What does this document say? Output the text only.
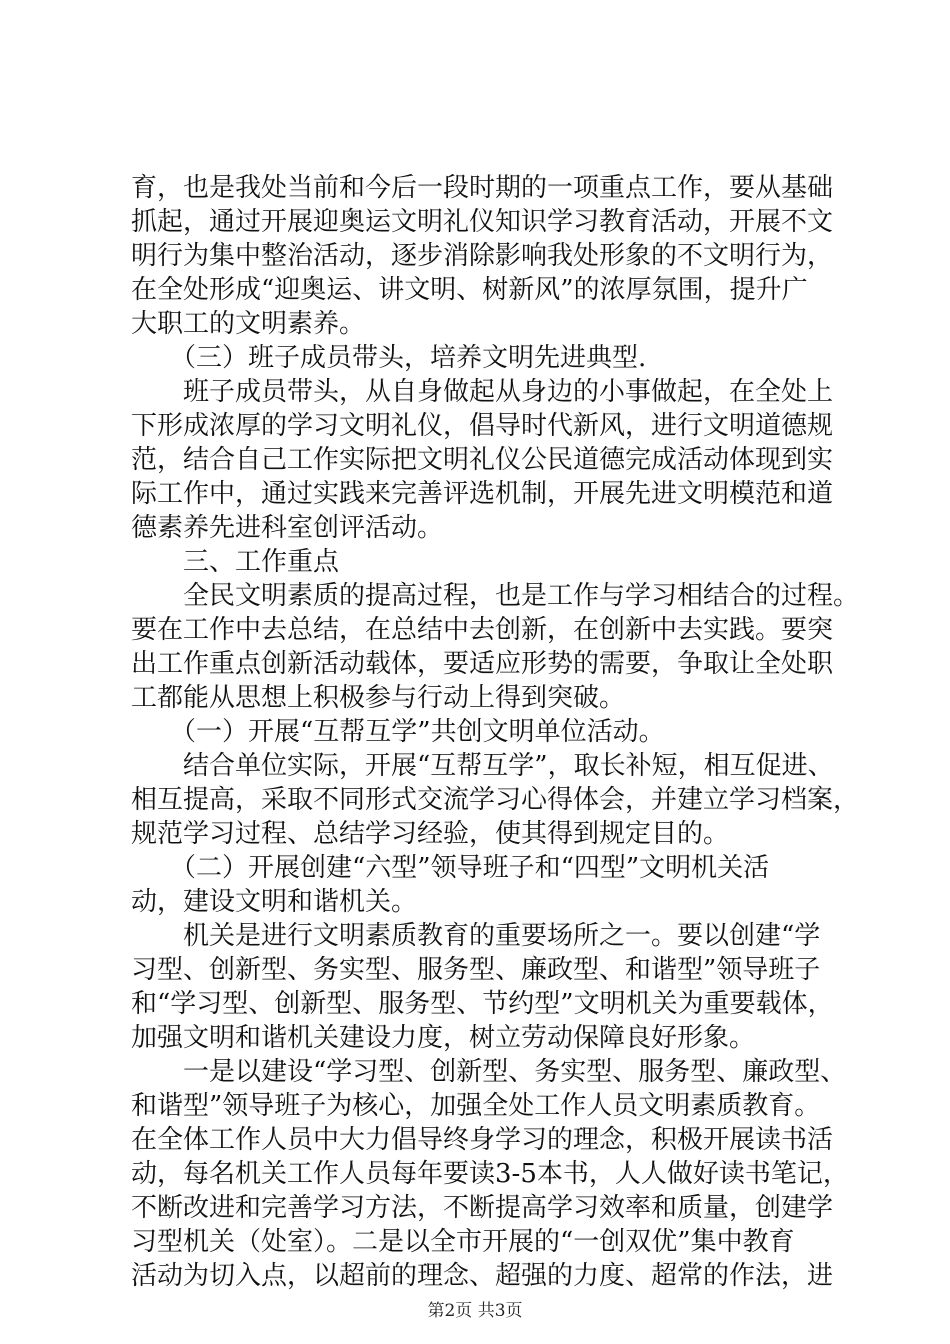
育，也是我处当前和今后一段时期的一项重点工作，要从基础
抓起，通过开展迎奥运文明礼仪知识学习教育活动，开展不文
明行为集中整治活动，逐步消除影响我处形象的不文明行为，
在全处形成“迎奥运、讲文明、树新风”的浓厚氛围，提升广
大职工的文明素养。
　　（三）班子成员带头，培养文明先进典型.
　　班子成员带头，从自身做起从身边的小事做起，在全处上
下形成浓厚的学习文明礼仪，倡导时代新风，进行文明道德规
范，结合自己工作实际把文明礼仪公民道德完成活动体现到实
际工作中，通过实践来完善评选机制，开展先进文明模范和道
德素养先进科室创评活动。
　　三、工作重点
　　全民文明素质的提高过程，也是工作与学习相结合的过程。
要在工作中去总结，在总结中去创新，在创新中去实践。要突
出工作重点创新活动载体，要适应形势的需要，争取让全处职
工都能从思想上积极参与行动上得到突破。
　　（一）开展“互帮互学”共创文明单位活动。
　　结合单位实际，开展“互帮互学”，取长补短，相互促进、
相互提高，采取不同形式交流学习心得体会，并建立学习档案，
规范学习过程、总结学习经验，使其得到规定目的。
　　（二）开展创建“六型”领导班子和“四型”文明机关活
动，建设文明和谐机关。
　　机关是进行文明素质教育的重要场所之一。要以创建“学
习型、创新型、务实型、服务型、廉政型、和谐型”领导班子
和“学习型、创新型、服务型、节约型”文明机关为重要载体，
加强文明和谐机关建设力度，树立劳动保障良好形象。
　　一是以建设“学习型、创新型、务实型、服务型、廉政型、
和谐型”领导班子为核心，加强全处工作人员文明素质教育。
在全体工作人员中大力倡导终身学习的理念，积极开展读书活
动，每名机关工作人员每年要读3-5本书，人人做好读书笔记，
不断改进和完善学习方法，不断提高学习效率和质量，创建学
习型机关（处室）。二是以全市开展的“一创双优”集中教育
活动为切入点，以超前的理念、超强的力度、超常的作法，进
第2页 共3页
